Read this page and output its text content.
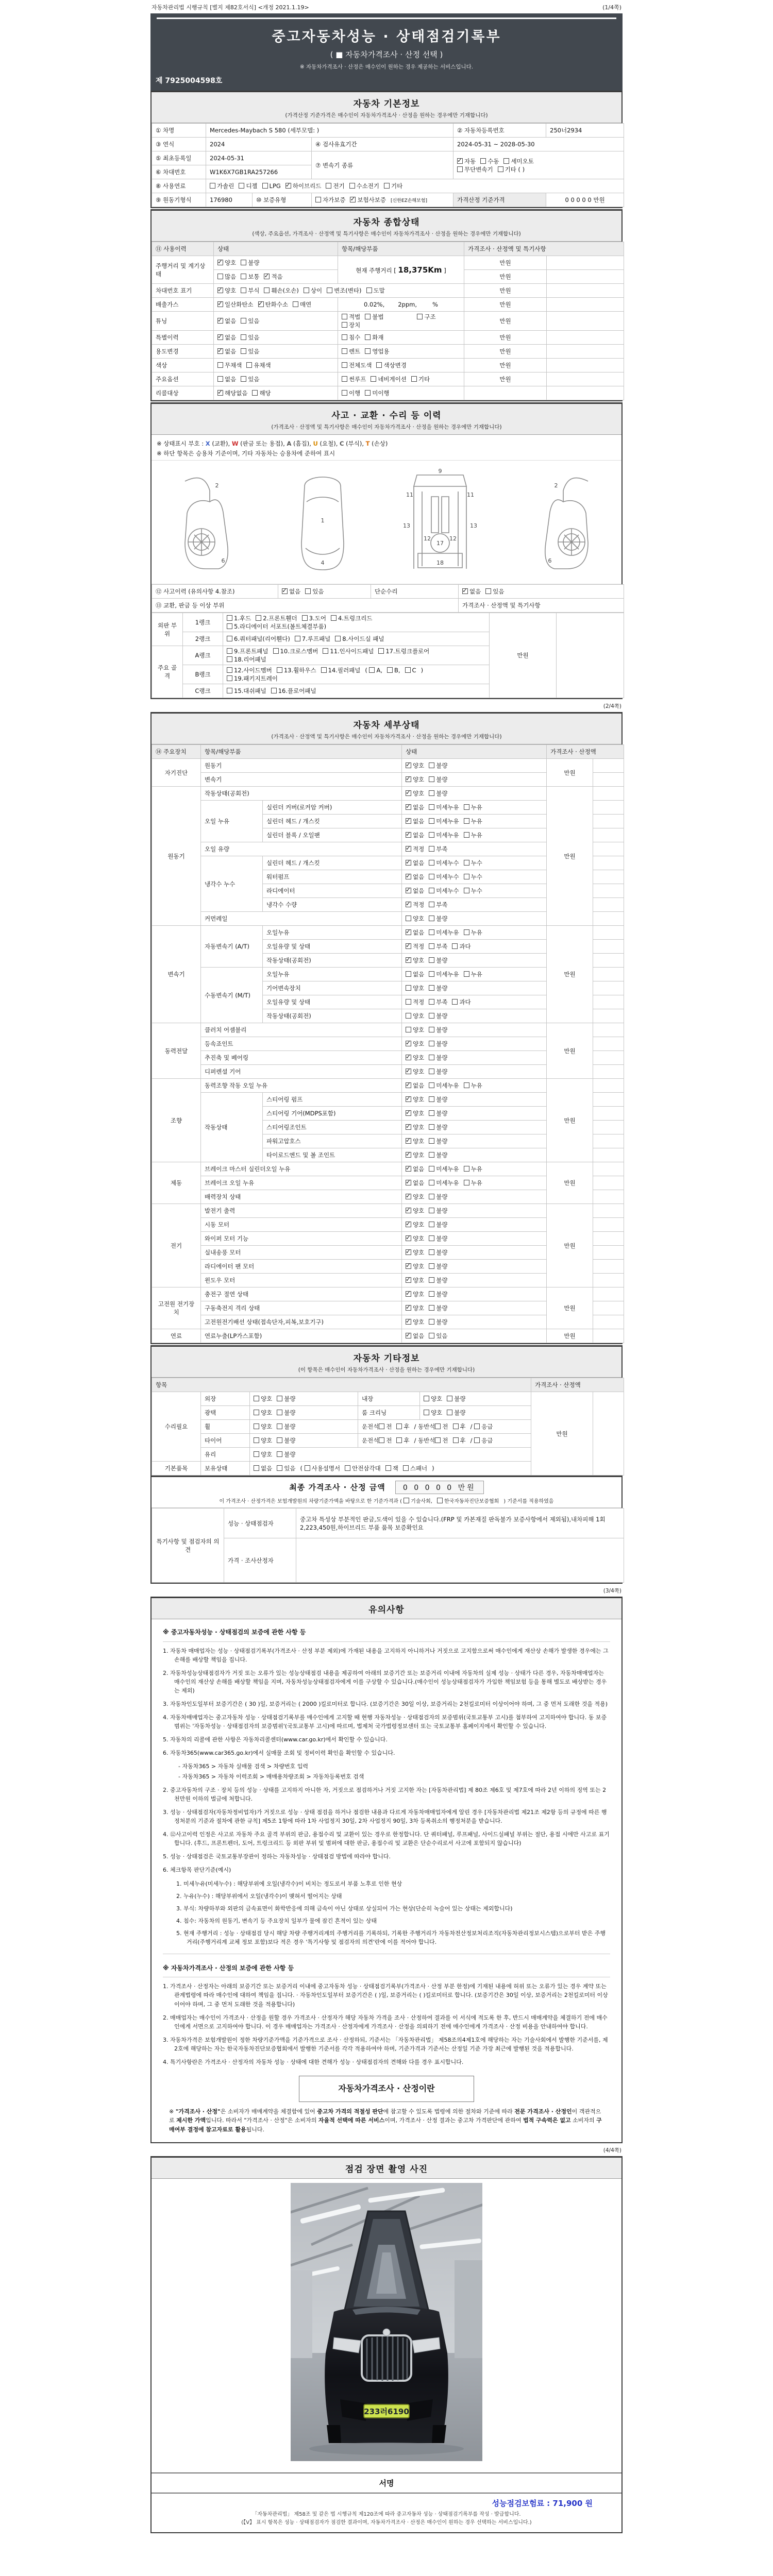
자동차관리법 시행규칙 [별지 제82호서식] <개정 2021.1.19>	(1/4쪽)
중고자동차성능 · 상태점검기록부
( ■ 자동차가격조사 · 산정 선택 )
※ 자동차가격조사 · 산정은 매수인이 원하는 경우 제공하는 서비스입니다.
제 7925004598호
자동차 기본정보
(가격산정 기준가격은 매수인이 자동차가격조사 · 산정을 원하는 경우에만 기재합니다)
① 차명	Mercedes-Maybach S 580 (세부모델: )			② 자동차등록번호	250너2934
③ 연식	2024		④ 검사유효기간	2024-05-31 ~ 2028-05-30	
⑤ 최초등록일	2024-05-31		⑦ 변속기 종류	✓자동 수동 세미오토
무단변속기 기타 ( )
⑥ 차대번호	W1K6X7GB1RA257266				
⑧ 사용연료	가솔린 디젤 LPG ✓ 하이브리드 전기 수소전기 기타
⑨ 원동기형식	176980	⑩ 보증유형	자가보증 ✓ 보험사보증 [신한EZ손해보험]	가격산정 기준가격	0 0 0 0 0 만원
자동차 종합상태
(색상, 주요옵션, 가격조사 · 산정액 및 특기사항은 매수인이 자동차가격조사 · 산정을 원하는 경우에만 기재합니다)
⑪ 사용이력	상태	항목/해당부품	가격조사 · 산정액 및 특기사항	
주행거리 및 계기상태	✓양호 불량	현재 주행거리 [ 18,375Km ]	만원	
	많음 보통 ✓ 적음		만원	
차대번호 표기	✓양호 부식 훼손(오손) 상이 변조(변타) 도말		만원	
배출가스	✓일산화탄소 ✓ 탄화수소 매연	0.02%, 2ppm, %	만원	
튜닝	✓없음 있음	적법 불법 구조장치	만원	
특별이력	✓없음 있음	침수 화재	만원	
용도변경	✓없음 있음	렌트 영업용	만원	
색상	무채색 유채색	전체도색 색상변경	만원	
주요옵션	없음 있음	썬루프 네비게이션 기타	만원	
리콜대상	✓해당없음 해당	이행 미이행		
사고 · 교환 · 수리 등 이력
(가격조사 · 산정액 및 특기사항은 매수인이 자동차가격조사 · 산정을 원하는 경우에만 기재합니다)
※ 상태표시 부호 : X (교환), W (판금 또는 용접), A (흠집), U (요철), C (부식), T (손상)
※ 하단 항목은 승용차 기준이며, 기타 자동차는 승용차에 준하여 표시
2
6
1
4
9
11	11
12	12
13	13
17
18
2
6
⑫ 사고이력 (유의사항 4.참조)	✓없음 있음	단순수리	✓없음 있음
⑬ 교환, 판금 등 이상 부위			가격조사 · 산정액 및 특기사항
외판 부위	1랭크	1.후드 2.프론트휀더 3.도어 4.트렁크리드
5.라디에이터 서포트(볼트체결부품)	만원	
	2랭크	6.쿼터패널(리어휀다) 7.루프패널 8.사이드실 패널		
주요 골격	A랭크	9.프론트패널 10.크로스멤버 11.인사이드패널 17.트렁크플로어
18.리어패널		
	B랭크	12.사이드멤버 13.휠하우스 14.필러패널 ( A, B, C )
19.패키지트레이		
	C랭크	15.대쉬패널 16.플로어패널		
(2/4쪽)
자동차 세부상태
(가격조사 · 산정액 및 특기사항은 매수인이 자동차가격조사 · 산정을 원하는 경우에만 기재합니다)
⑭ 주요장치	항목/해당부품		상태	가격조사 · 산정액	
자기진단	원동기	✓양호 불량	만원	
	변속기	✓양호 불량	
원동기	작동상태(공회전)	✓양호 불량	만원	
	오일 누유	실린더 커버(로커암 커버)	✓없음 미세누유 누유	
		실린더 헤드 / 개스킷	✓없음 미세누유 누유	
		실린더 블록 / 오일팬	✓없음 미세누유 누유	
	오일 유량	✓적정 부족	
	냉각수 누수	실린더 헤드 / 개스킷	✓없음 미세누수 누수	
		워터펌프	✓없음 미세누수 누수	
		라디에이터	✓없음 미세누수 누수	
		냉각수 수량	✓적정 부족	
	커먼레일		양호 불량		
변속기	자동변속기 (A/T)	오일누유	✓없음 미세누유 누유	만원	
		오일유량 및 상태	✓적정 부족 과다	
		작동상태(공회전)	✓양호 불량	
	수동변속기 (M/T)	오일누유	없음 미세누유 누유		
		기어변속장치	양호 불량		
		오일유량 및 상태	적정 부족 과다		
		작동상태(공회전)	양호 불량		
동력전달	클러치 어셈블리		양호 불량	만원	
	등속죠인트	✓양호 불량	
	추진축 및 베어링	✓양호 불량	
	디퍼렌셜 기어	✓양호 불량	
조향	동력조향 작동 오일 누유	✓없음 미세누유 누유	만원	
	작동상태	스티어링 펌프	✓양호 불량	
		스티어링 기어(MDPS포함)	✓양호 불량	
		스티어링조인트	✓양호 불량	
		파워고압호스	✓양호 불량	
		타이로드엔드 및 볼 조인트	✓양호 불량	
제동	브레이크 마스터 실린더오일 누유	✓없음 미세누유 누유	만원	
	브레이크 오일 누유	✓없음 미세누유 누유	
	배력장치 상태	✓양호 불량	
전기	발전기 출력	✓양호 불량	만원	
	시동 모터	✓양호 불량	
	와이퍼 모터 기능	✓양호 불량	
	실내송풍 모터	✓양호 불량	
	라디에이터 팬 모터	✓양호 불량	
	윈도우 모터	✓양호 불량	
고전원 전기장치	충전구 절연 상태	✓양호 불량	만원	
	구동축전지 격리 상태	✓양호 불량	
	고전원전기배선 상태(접속단자,피복,보호기구)	✓양호 불량	
연료	연료누출(LP가스포함)	✓없음 있음	만원	
자동차 기타정보
(이 항목은 매수인이 자동차가격조사 · 산정을 원하는 경우에만 기재합니다)
항목					가격조사 · 산정액	
수리필요	외장	양호 불량	내장	양호 불량	만원	
	광택	양호 불량	룸 크리닝	양호 불량		
	휠	양호 불량	운전석 전 후 / 동반석 전 후 / 응급			
	타이어	양호 불량	운전석 전 후 / 동반석 전 후 / 응급			
	유리	양호 불량				
기본품목	보유상태	없음 있음 ( 사용설명서 안전삼각대 잭 스패너 )				
최종 가격조사 · 산정 금액 0 0 0 0 0 만원
이 가격조사 · 산정가격은 보험개발원의 차량기준가액을 바탕으로 한 기준가격과 ( 기술사회, 한국자동차진단보증협회 ) 기준서를 적용하였음
특기사항 및 점검자의 의견	성능 · 상태점검자	중고차 특성상 부분적인 판금,도색이 있을 수 있습니다.(FRP 및 카본재질 판독불가 보증사항에서 제외됨),내차피해 1회 2,223,450원,하이브리드 부품 품목 보증확인요
	가격 · 조사산정자	
(3/4쪽)
유의사항
※ 중고자동차성능 · 상태점검의 보증에 관한 사항 등
1. 자동차 매매업자는 성능 · 상태점검기록부(가격조사 · 산정 부분 제외)에 가재된 내용을 고지하지 아니하거나 거짓으로 고지함으로써 매수인에게 재산상 손해가 발생한 경우에는 그 손해를 배상할 책임을 집니다.
2. 자동차성능상태점검자가 거짓 또는 오류가 있는 성능상태점검 내용을 제공하여 아래의 보증기간 또는 보증거리 이내에 자동차의 실제 성능 · 상태가 다른 경우, 자동차매매업자는 매수인의 재산상 손해를 배상할 책임을 지며, 자동차성능상태점검자에게 이를 구상할 수 있습니다.(매수인이 성능상태점검자가 가입한 책임보험 등을 통해 별도로 배상받는 경우는 제외)
3. 자동차인도일부터 보증기간은 ( 30 )일, 보증거리는 ( 2000 )킬로미터로 합니다. (보증기간은 30일 이상, 보증거리는 2천킬로미터 이상이어야 하며, 그 중 먼저 도래한 것을 적용)
4. 자동차매매업자는 중고자동차 성능 · 상태점검기록부를 매수인에게 고지할 때 현행 자동차성능 · 상태점검자의 보증범위(국토교통부 고시)를 첨부하여 고지하여야 합니다. 동 보증범위는 '자동차성능 · 상태점검자의 보증범위'(국토교통부 고시)에 따르며, 법제처 국가법령정보센터 또는 국토교통부 홈페이지에서 확인할 수 있습니다.
5. 자동차의 리콜에 관한 사항은 자동차리콜센터(www.car.go.kr)에서 확인할 수 있습니다.
6. 자동차365(www.car365.go.kr)에서 실매물 조회 및 정비이력 확인을 확인할 수 있습니다.
- 자동차365 > 자동차 실매물 검색 > 차량번호 입력
- 자동차365 > 자동차 이력조회 > 매매용차량조회 > 자동차등록번호 검색
2. 중고자동차의 구조 · 장치 등의 성능 · 상태를 고지하지 아니한 자, 거짓으로 점검하거나 거짓 고지한 자는 [자동차관리법] 제 80조 제6호 및 제7호에 따라 2년 이하의 징역 또는 2천만원 이하의 벌금에 처합니다.
3. 성능 · 상태점검자(자동차정비업자)가 거짓으로 성능 · 상태 점검을 하거나 점검한 내용과 다르게 자동차매매업자에게 알린 경우 [자동차관리법 제21조 제2항 등의 규정에 따른 행정처분의 기준과 절차에 관한 규칙] 제5조 1항에 따라 1차 사업정지 30일, 2차 사업정지 90일, 3차 등록취소의 행정처분을 받습니다.
4. ⑫사고이력 인정은 사고로 자동차 주요 골격 부위의 판금, 용접수리 및 교환이 있는 경우로 한정합니다. 단 쿼터패널, 루프패널, 사이드실패널 부위는 절단, 용접 시에만 사고로 표기합니다. (후드, 프론트펜더, 도어, 트렁크리드 등 외판 부위 및 범퍼에 대한 판금, 용접수리 및 교환은 단순수리로서 사고에 포함되지 않습니다)
5. 성능 · 상태점검은 국토교통부장관이 정하는 자동차성능 · 상태점검 방법에 따라야 합니다.
6. 체크항목 판단기준(예시)
1. 미세누유(미세누수) : 해당부위에 오일(냉각수)이 비치는 정도로서 부품 노후로 인한 현상
2. 누유(누수) : 해당부위에서 오일(냉각수)이 맺혀서 떨어지는 상태
3. 부식: 차량하부와 외판의 금속표면이 화학반응에 의해 금속이 아닌 상태로 상실되어 가는 현상(단순히 녹슬어 있는 상태는 제외합니다)
4. 침수: 자동차의 원동기, 변속기 등 주요장치 일부가 물에 잠긴 흔적이 있는 상태
5. 현재 주행거리 : 성능 · 상태점검 당시 해당 차량 주행거리계의 주행거리를 기록하되, 기록한 주행거리가 자동차전산정보처리조직(자동차관리정보시스템)으로부터 받은 주행거리(주행거리계 교체 정보 포함)보다 적은 경우 '특기사항 및 점검자의 의견'란에 이를 적어야 합니다.
※ 자동차가격조사 · 산정의 보증에 관한 사항 등
1. 가격조사 · 산정자는 아래의 보증기간 또는 보증거리 이내에 중고자동차 성능 · 상태점검기록부(가격조사 · 산정 부분 한정)에 기재된 내용에 허위 또는 오류가 있는 경우 계약 또는 관계법령에 따라 매수인에 대하여 책임을 집니다. · 자동차인도일부터 보증기간은 ( )일, 보증거리는 ( )킬로미터로 합니다. (보증기간은 30일 이상, 보증거리는 2천킬로미터 이상이어야 하며, 그 중 먼저 도래한 것을 적용합니다)
2. 매매업자는 매수인이 가격조사 · 산정을 원할 경우 가격조사 · 산정자가 해당 자동차 가격을 조사 · 산정하여 결과를 이 서식에 적도록 한 후, 반드시 매매계약을 체결하기 전에 매수인에게 서면으로 고지하여야 합니다. 이 경우 매매업자는 가격조사 · 산정자에게 가격조사 · 산정을 의뢰하기 전에 매수인에게 가격조사 · 산정 비용을 안내하여야 합니다.
3. 자동차가격은 보험개발원이 정한 차량기준가액을 기준가격으로 조사 · 산정하되, 기준서는 「자동차관리법」 제58조의4제1호에 해당하는 자는 기술사회에서 발행한 기준서를, 제2호에 해당하는 자는 한국자동차진단보증협회에서 발행한 기준서를 각각 적용하여야 하며, 기준가격과 기준서는 산정일 기준 가장 최근에 발행된 것을 적용합니다.
4. 특기사항란은 가격조사 · 산정자의 자동차 성능 · 상태에 대한 견해가 성능 · 상태점검자의 견해와 다를 경우 표시합니다.
자동차가격조사 · 산정이란
※ "가격조사 · 산정"은 소비자가 매매계약을 체결함에 있어 중고차 가격의 적절성 판단에 참고할 수 있도록 법령에 의한 절차와 기준에 따라 전문 가격조사 · 산정인이 객관적으로 제시한 가액입니다. 따라서 "가격조사 · 산정"은 소비자의 자율적 선택에 따른 서비스이며, 가격조사 · 산정 결과는 중고차 가격판단에 관하여 법적 구속력은 없고 소비자의 구매여부 결정에 참고자료로 활용됩니다.
(4/4쪽)
점검 장면 촬영 사진
233러6190
서명
성능점검보험료 : 71,900 원
「자동차관리법」 제58조 및 같은 법 시행규칙 제120조에 따라 중고자동차 성능 · 상태점검기록부를 작성 · 발급합니다.
(【V】 표시 항목은 성능 · 상태점검자가 점검한 결과이며, 자동차가격조사 · 산정은 매수인이 원하는 경우 선택하는 서비스입니다.)
